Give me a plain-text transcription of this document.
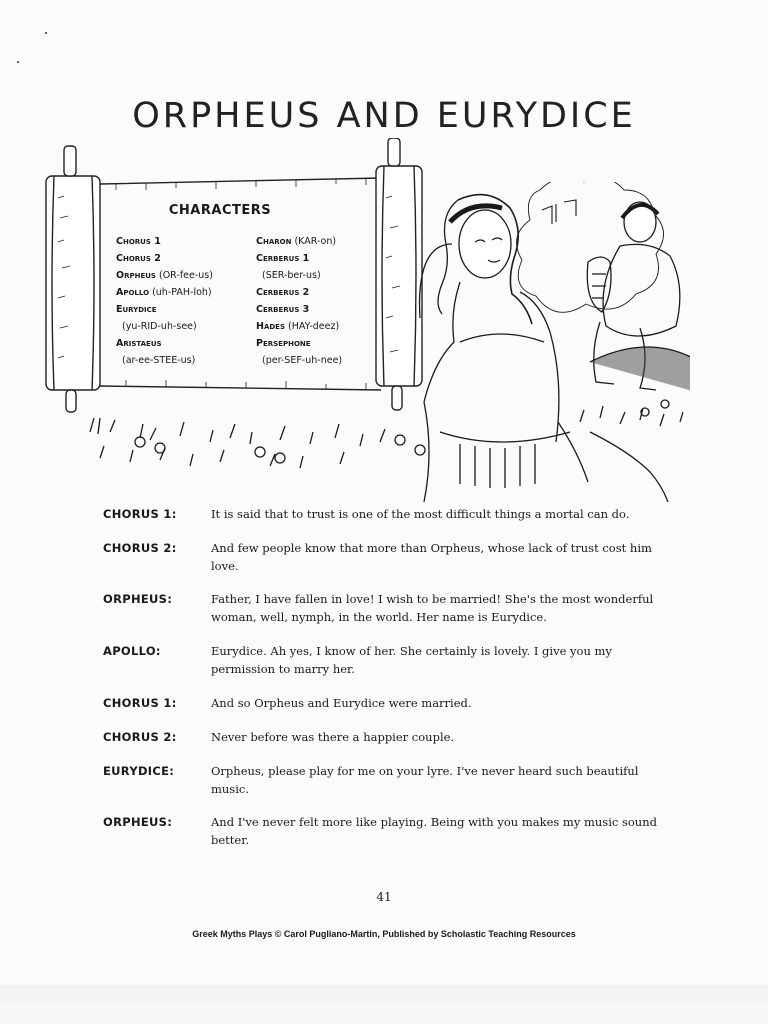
ORPHEUS AND EURYDICE
CHARACTERS
Chorus 1
Chorus 2
Orpheus (OR-fee-us)
Apollo (uh-PAH-loh)
Eurydice
(yu-RID-uh-see)
Aristaeus
(ar-ee-STEE-us)
Charon (KAR-on)
Cerberus 1
(SER-ber-us)
Cerberus 2
Cerberus 3
Hades (HAY-deez)
Persephone
(per-SEF-uh-nee)
CHORUS 1:	It is said that to trust is one of the most difficult things a mortal can do.
CHORUS 2:	And few people know that more than Orpheus, whose lack of trust cost him love.
ORPHEUS:	Father, I have fallen in love! I wish to be married! She's the most wonderful woman, well, nymph, in the world. Her name is Eurydice.
APOLLO:	Eurydice. Ah yes, I know of her. She certainly is lovely. I give you my permission to marry her.
CHORUS 1:	And so Orpheus and Eurydice were married.
CHORUS 2:	Never before was there a happier couple.
EURYDICE:	Orpheus, please play for me on your lyre. I've never heard such beautiful music.
ORPHEUS:	And I've never felt more like playing. Being with you makes my music sound better.
41
Greek Myths Plays © Carol Pugliano-Martin, Published by Scholastic Teaching Resources
